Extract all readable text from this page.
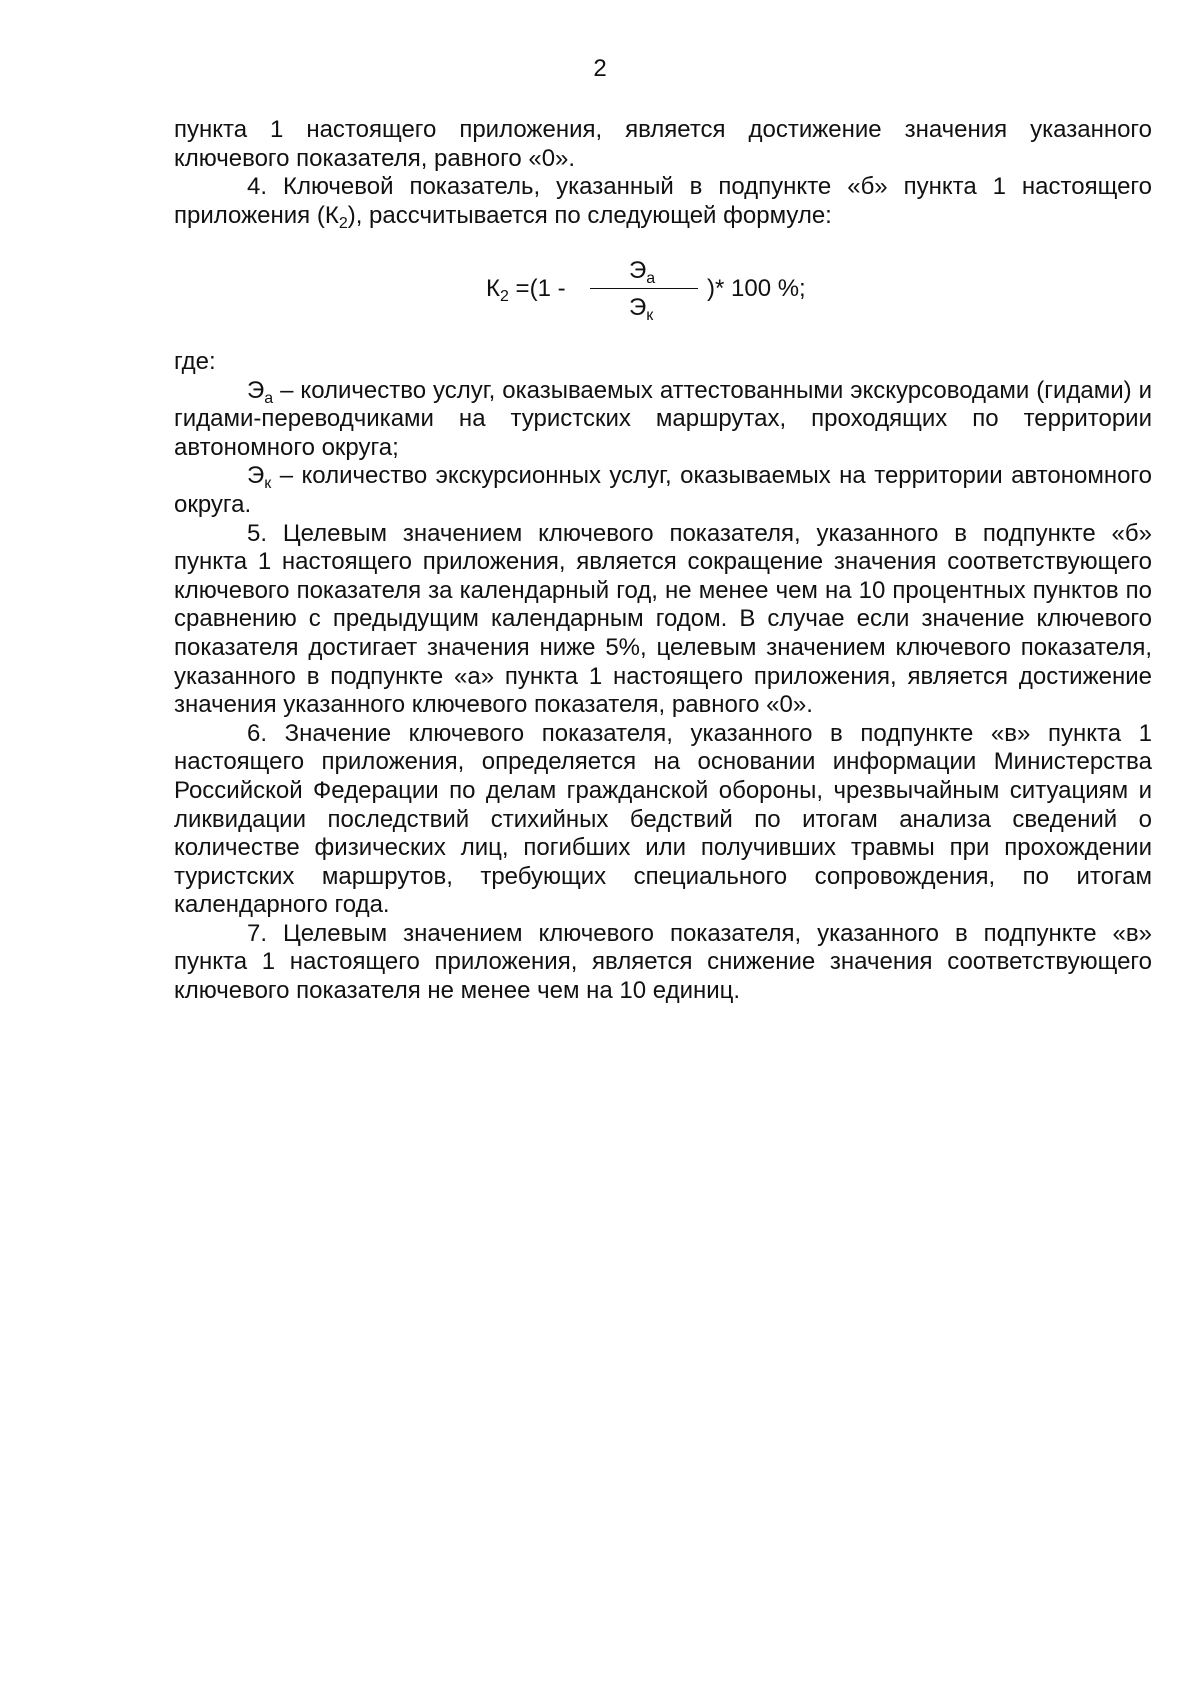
2

пункта 1 настоящего приложения, является достижение значения указанного ключевого показателя, равного «0».

4. Ключевой показатель, указанный в подпункте «б» пункта 1 настоящего приложения $(К_2)$, рассчитывается по следующей формуле:

$К_2 =(1$ -
$Э_а$
$Э_к$
)* 100 %;

где:

$Э_а$ – количество услуг, оказываемых аттестованными экскурсоводами (гидами) и гидами-переводчиками на туристских маршрутах, проходящих по территории автономного округа;

$Э_к$ – количество экскурсионных услуг, оказываемых на территории автономного округа.

5. Целевым значением ключевого показателя, указанного в подпункте «б» пункта 1 настоящего приложения, является сокращение значения соответствующего ключевого показателя за календарный год, не менее чем на 10 процентных пунктов по сравнению с предыдущим календарным годом. В случае если значение ключевого показателя достигает значения ниже 5%, целевым значением ключевого показателя, указанного в подпункте «а» пункта 1 настоящего приложения, является достижение значения указанного ключевого показателя, равного «0».

6. Значение ключевого показателя, указанного в подпункте «в» пункта 1 настоящего приложения, определяется на основании информации Министерства Российской Федерации по делам гражданской обороны, чрезвычайным ситуациям и ликвидации последствий стихийных бедствий по итогам анализа сведений о количестве физических лиц, погибших или получивших травмы при прохождении туристских маршрутов, требующих специального сопровождения, по итогам календарного года.

7. Целевым значением ключевого показателя, указанного в подпункте «в» пункта 1 настоящего приложения, является снижение значения соответствующего ключевого показателя не менее чем на 10 единиц.
